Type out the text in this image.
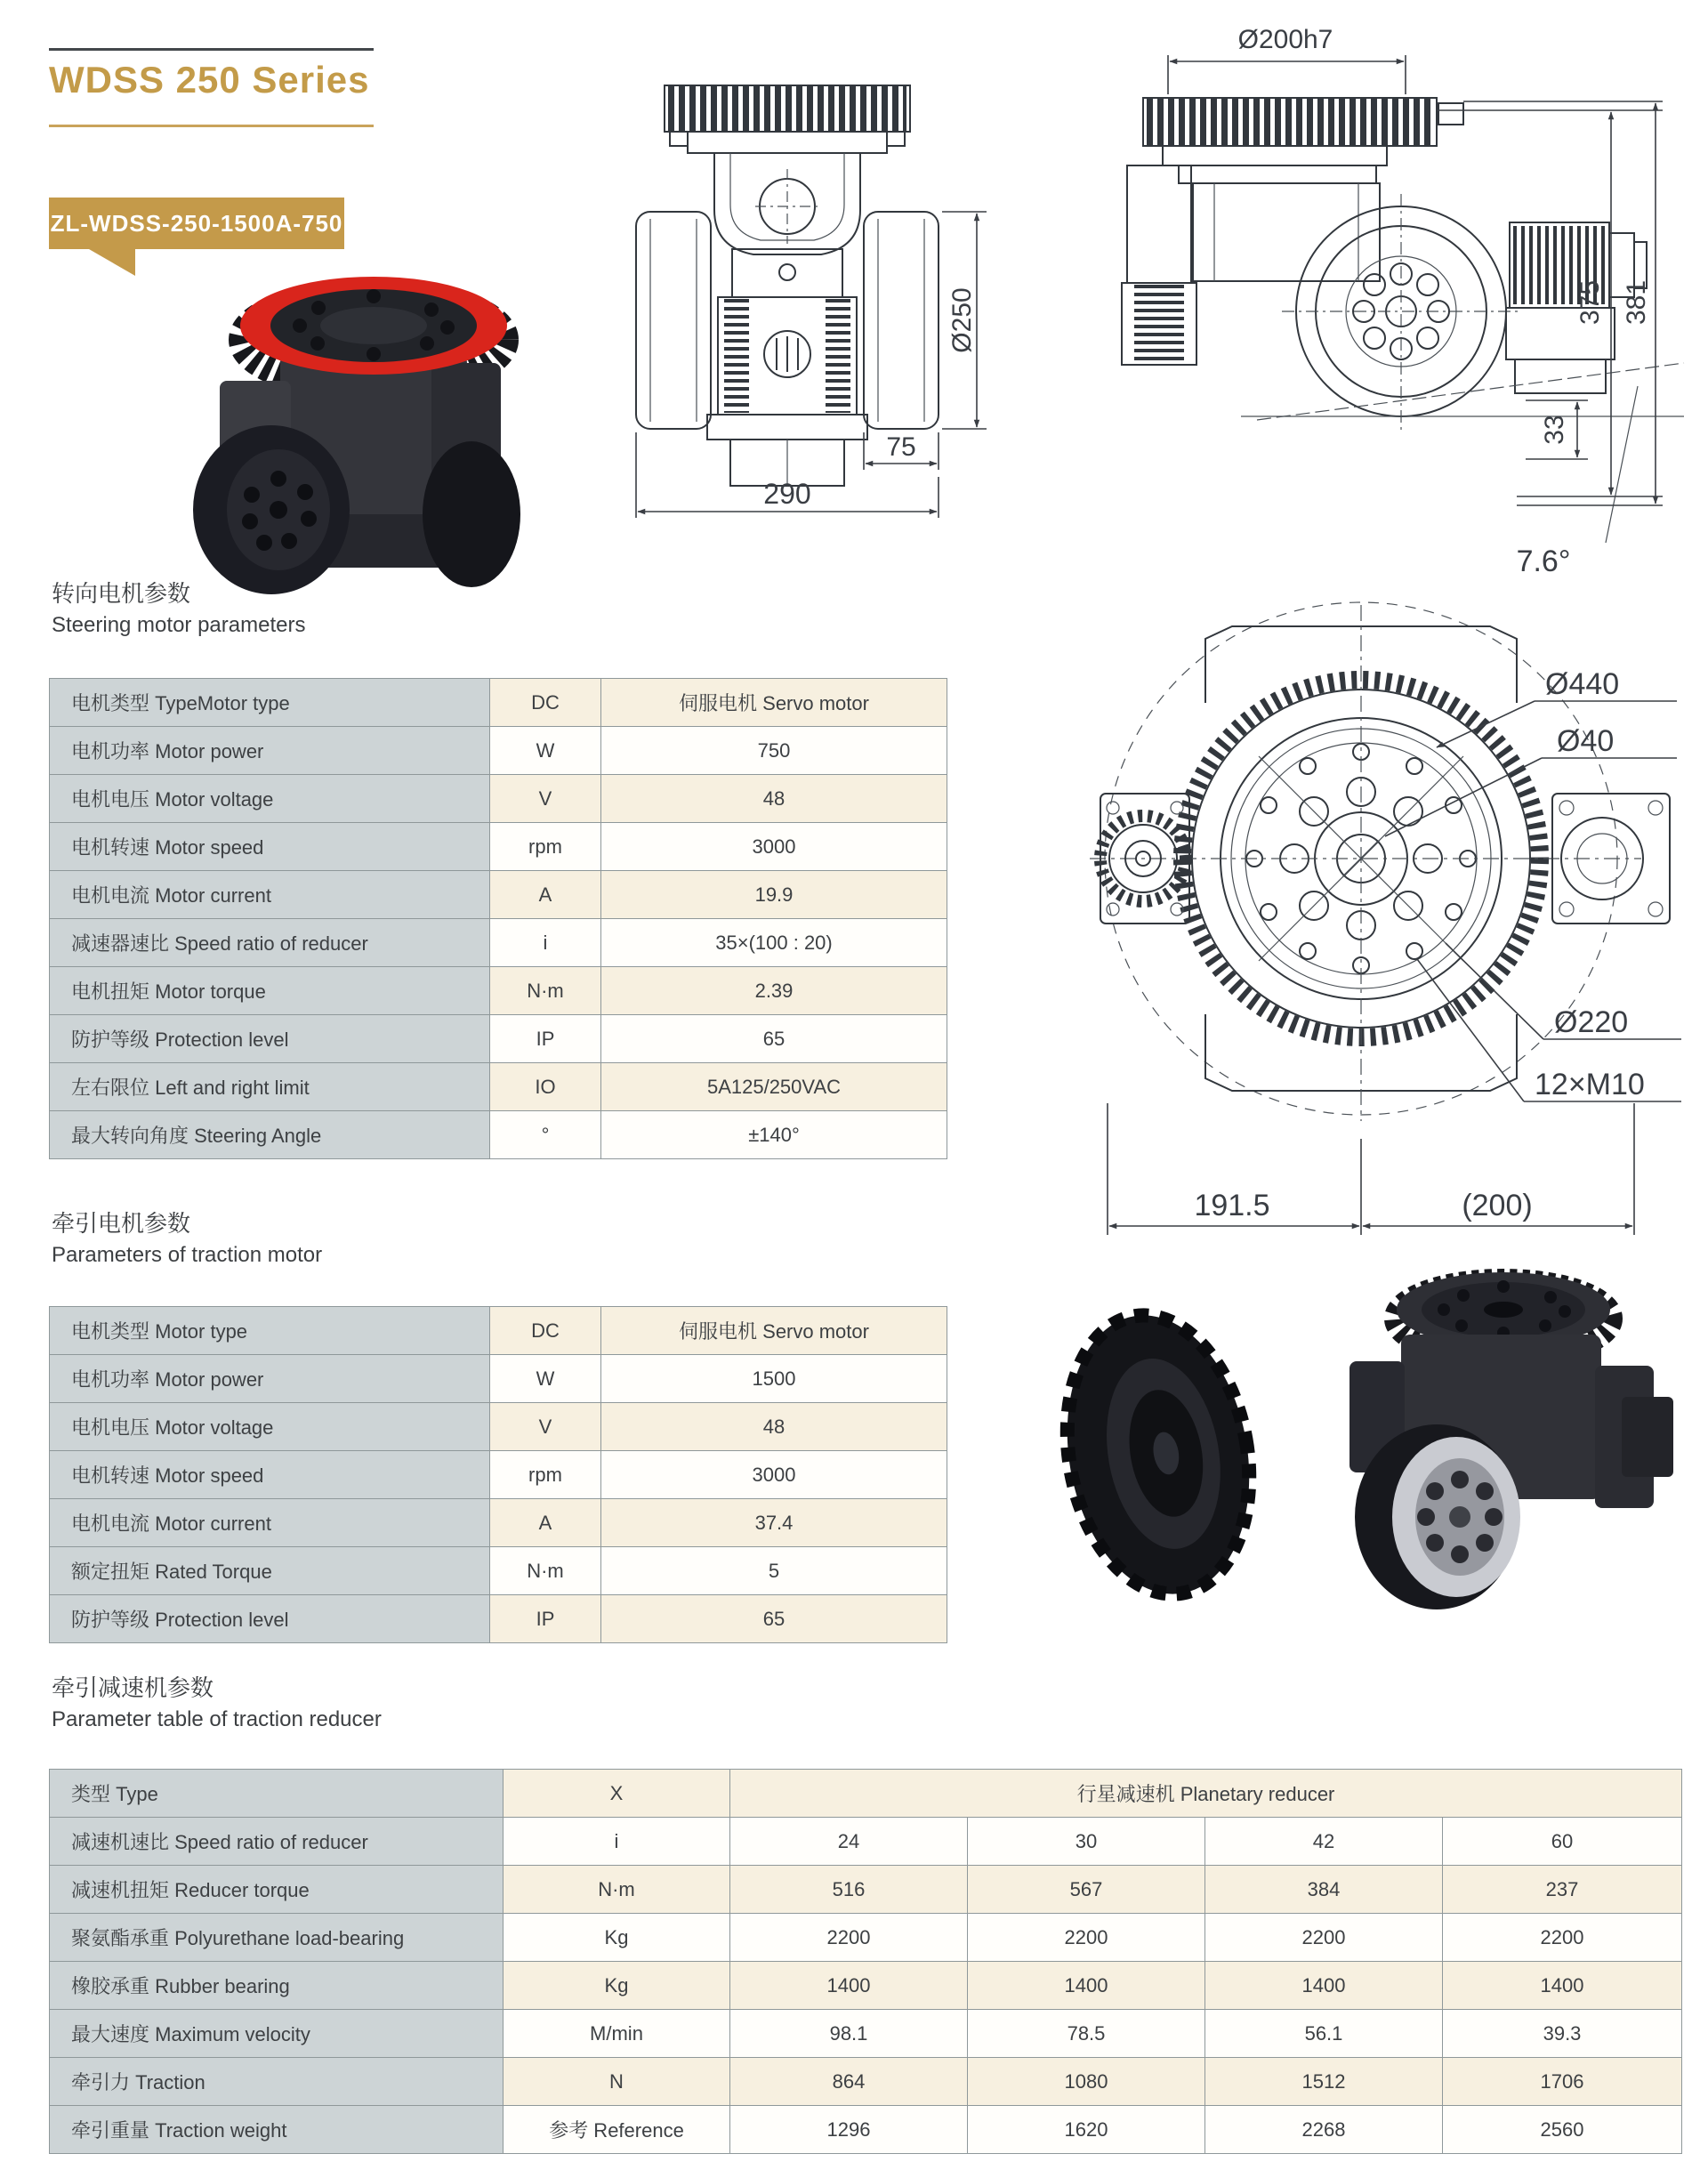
WDSS 250 Series
ZL-WDSS-250-1500A-750
Ø250
75
290
Ø200h7
7.6°
33
375 381
Ø440
Ø40
Ø220
12×M10
191.5	(200)
转向电机参数
Steering motor parameters
牵引电机参数
Parameters of traction motor
牵引减速机参数
Parameter table of traction reducer
电机类型 TypeMotor type	DC	伺服电机 Servo motor
电机功率 Motor power	W	750
电机电压 Motor voltage	V	48
电机转速 Motor speed	rpm	3000
电机电流 Motor current	A	19.9
减速器速比 Speed ratio of reducer	i	35×(100 : 20)
电机扭矩 Motor torque	N·m	2.39
防护等级 Protection level	IP	65
左右限位 Left and right limit	IO	5A125/250VAC
最大转向角度 Steering Angle	°	±140°
电机类型 Motor type	DC	伺服电机 Servo motor
电机功率 Motor power	W	1500
电机电压 Motor voltage	V	48
电机转速 Motor speed	rpm	3000
电机电流 Motor current	A	37.4
额定扭矩 Rated Torque	N·m	5
防护等级 Protection level	IP	65
类型 Type	X	行星减速机 Planetary reducer			
减速机速比 Speed ratio of reducer	i	24	30	42	60
减速机扭矩 Reducer torque	N·m	516	567	384	237
聚氨酯承重 Polyurethane load-bearing	Kg	2200	2200	2200	2200
橡胶承重 Rubber bearing	Kg	1400	1400	1400	1400
最大速度 Maximum velocity	M/min	98.1	78.5	56.1	39.3
牵引力 Traction	N	864	1080	1512	1706
牵引重量 Traction weight	参考 Reference	1296	1620	2268	2560
